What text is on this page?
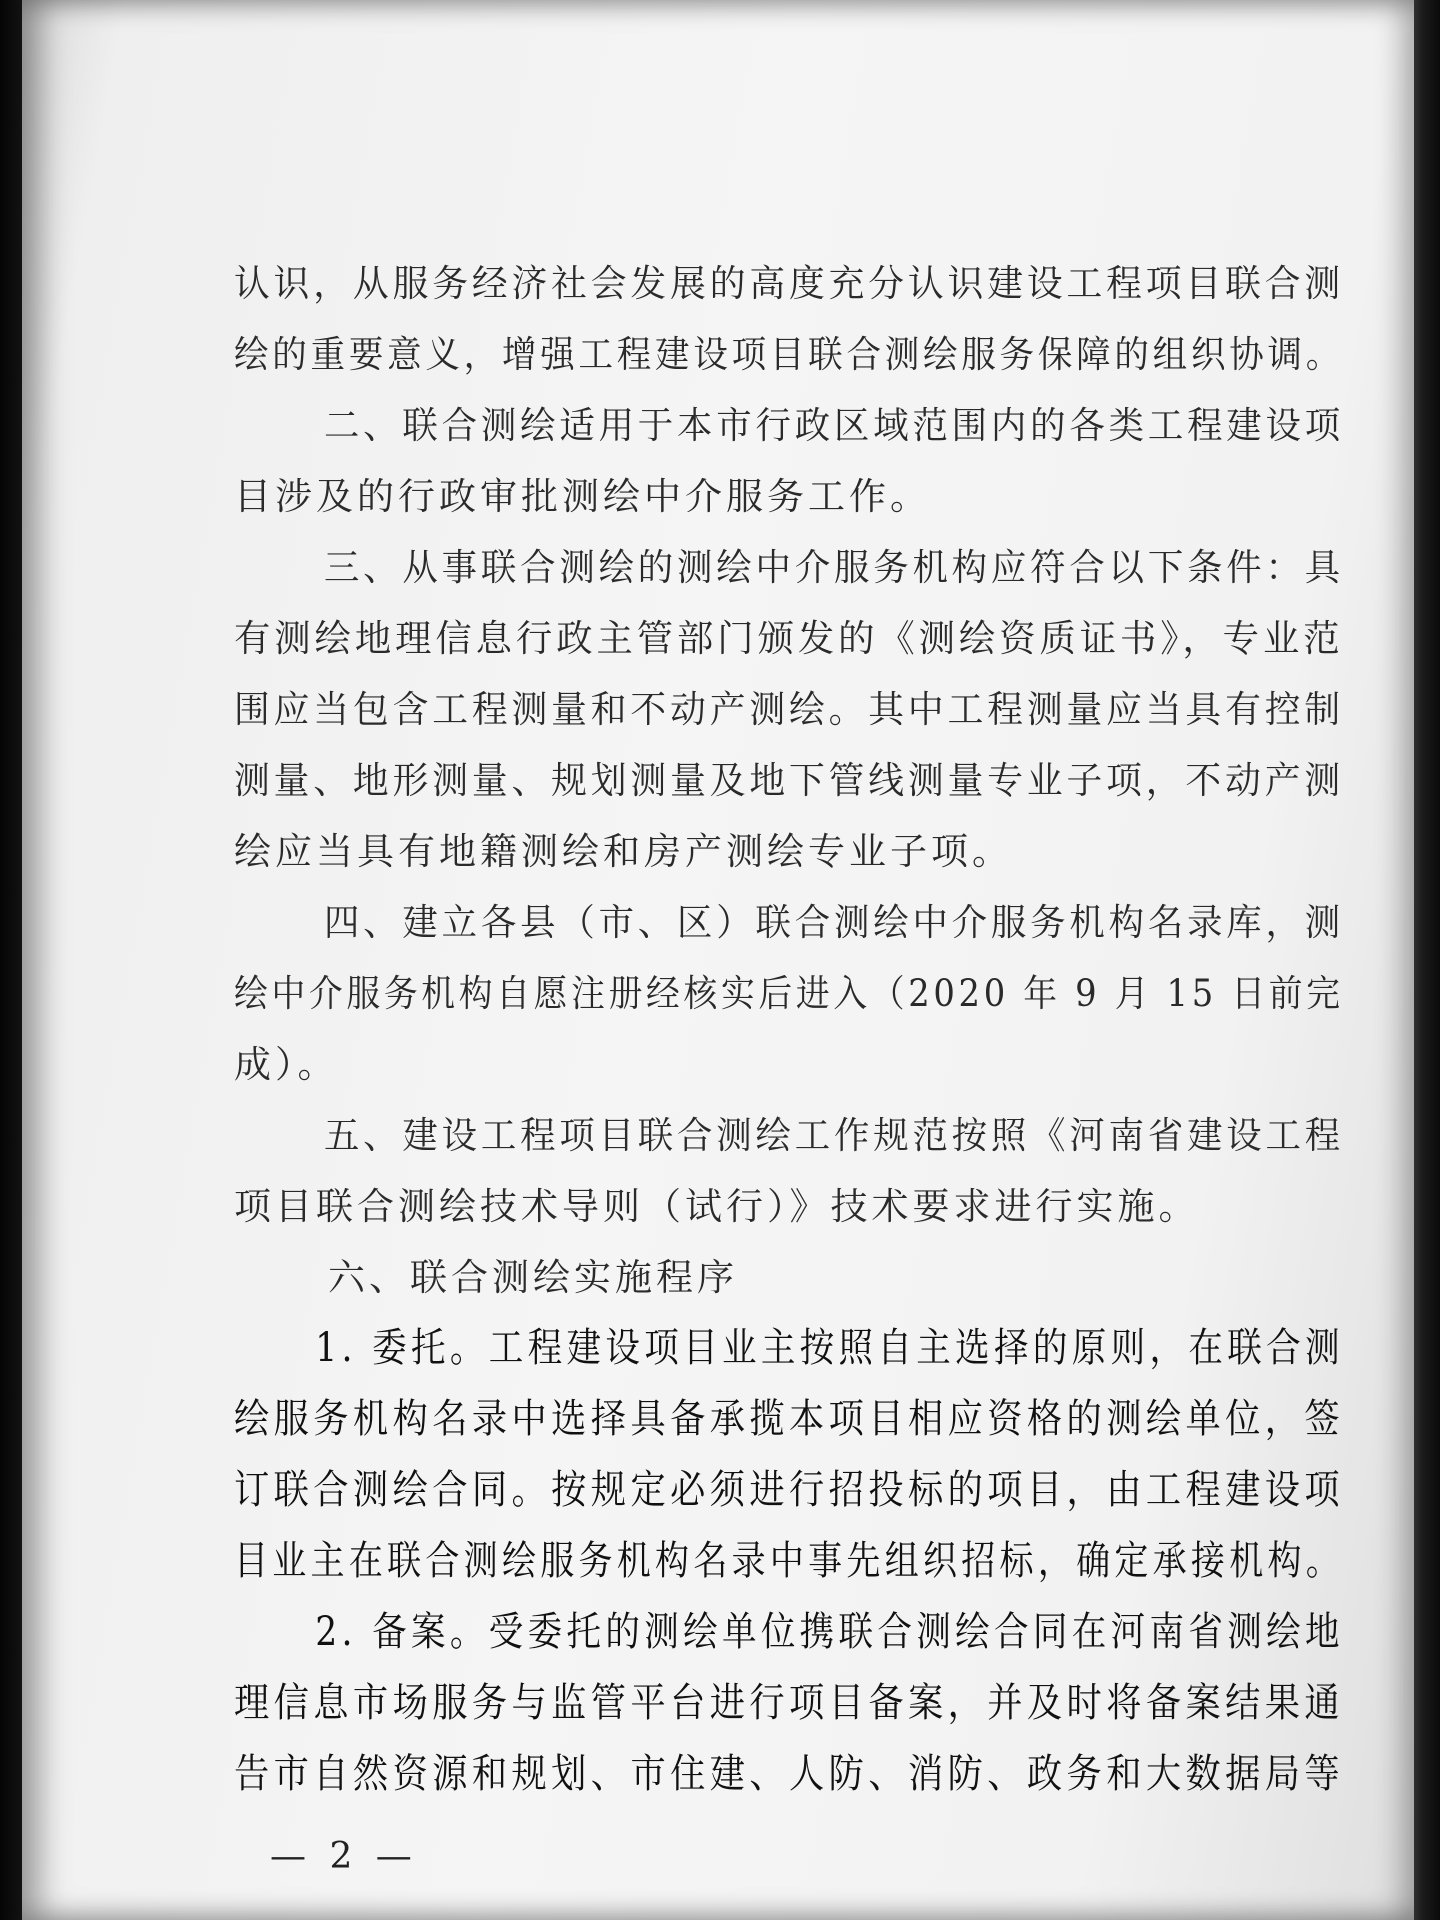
认识，从服务经济社会发展的高度充分认识建设工程项目联合测
绘的重要意义，增强工程建设项目联合测绘服务保障的组织协调。
二、联合测绘适用于本市行政区域范围内的各类工程建设项
目涉及的行政审批测绘中介服务工作。
三、从事联合测绘的测绘中介服务机构应符合以下条件：具
有测绘地理信息行政主管部门颁发的《测绘资质证书》，专业范
围应当包含工程测量和不动产测绘。其中工程测量应当具有控制
测量、地形测量、规划测量及地下管线测量专业子项，不动产测
绘应当具有地籍测绘和房产测绘专业子项。
四、建立各县（市、区）联合测绘中介服务机构名录库，测
绘中介服务机构自愿注册经核实后进入（2020 年 9 月 15 日前完
成）。
五、建设工程项目联合测绘工作规范按照《河南省建设工程
项目联合测绘技术导则（试行）》技术要求进行实施。
六、联合测绘实施程序
1. 委托。工程建设项目业主按照自主选择的原则，在联合测
绘服务机构名录中选择具备承揽本项目相应资格的测绘单位，签
订联合测绘合同。按规定必须进行招投标的项目，由工程建设项
目业主在联合测绘服务机构名录中事先组织招标，确定承接机构。
2. 备案。受委托的测绘单位携联合测绘合同在河南省测绘地
理信息市场服务与监管平台进行项目备案，并及时将备案结果通
告市自然资源和规划、市住建、人防、消防、政务和大数据局等
— 2 —
